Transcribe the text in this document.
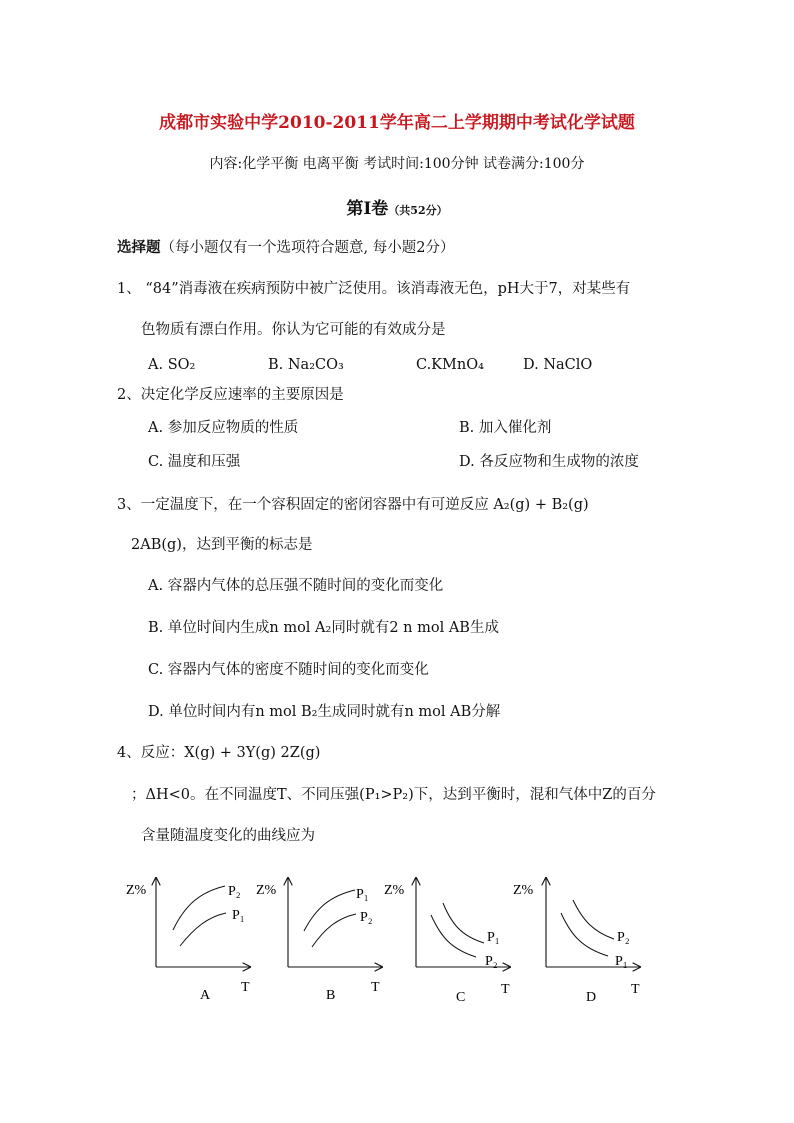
成都市实验中学2010-2011学年高二上学期期中考试化学试题
内容:化学平衡 电离平衡 考试时间:100分钟 试卷满分:100分
第Ⅰ卷（共52分）
选择题（每小题仅有一个选项符合题意, 每小题2分）
1、 “84”消毒液在疾病预防中被广泛使用。该消毒液无色，pH大于7，对某些有
色物质有漂白作用。你认为它可能的有效成分是
A. SO₂	B. Na₂CO₃	C.KMnO₄	D. NaClO
2、决定化学反应速率的主要原因是
A. 参加反应物质的性质	B. 加入催化剂
C. 温度和压强	D. 各反应物和生成物的浓度
3、一定温度下，在一个容积固定的密闭容器中有可逆反应 A₂(g) + B₂(g)
2AB(g)，达到平衡的标志是
A. 容器内气体的总压强不随时间的变化而变化
B. 单位时间内生成n mol A₂同时就有2 n mol AB生成
C. 容器内气体的密度不随时间的变化而变化
D. 单位时间内有n mol B₂生成同时就有n mol AB分解
4、反应：X(g) + 3Y(g) 2Z(g)
；ΔH<0。在不同温度T、不同压强(P₁>P₂)下，达到平衡时，混和气体中Z的百分
含量随温度变化的曲线应为
Z%	P₂
P₁
T
A
Z%	P₁
P₂
T
B
Z%
P₁
P₂
T
C
Z%
P₂
P₁
T
D
